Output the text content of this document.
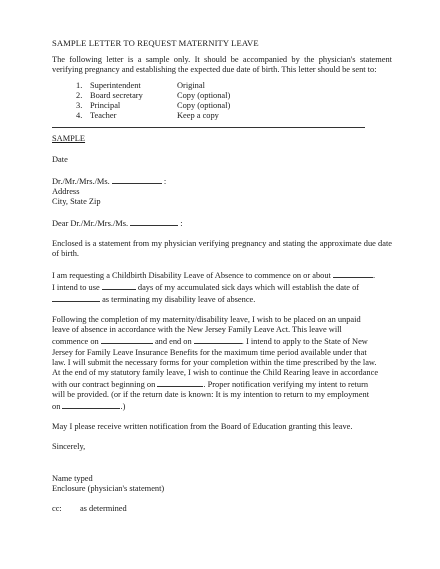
SAMPLE LETTER TO REQUEST MATERNITY LEAVE

The following letter is a sample only. It should be accompanied by the physician's statement verifying pregnancy and establishing the expected due date of birth. This letter should be sent to:

1. Superintendent	Original
2. Board secretary	Copy (optional)
3. Principal	Copy (optional)
4. Teacher	Keep a copy
SAMPLE
Date
Dr./Mr./Mrs./Ms.	:
Address
City, State Zip
Dear Dr./Mr./Mrs./Ms.	:

Enclosed is a statement from my physician verifying pregnancy and stating the approximate due date of birth.

I am requesting a Childbirth Disability Leave of Absence to commence on or about	.
I intend to use	days of my accumulated sick days which will establish the date of
as terminating my disability leave of absence.
Following the completion of my maternity/disability leave, I wish to be placed on an unpaid
leave of absence in accordance with the New Jersey Family Leave Act. This leave will
commence on	and end on	. I intend to apply to the State of New
Jersey for Family Leave Insurance Benefits for the maximum time period available under that
law. I will submit the necessary forms for your completion within the time prescribed by the law.
At the end of my statutory family leave, I wish to continue the Child Rearing leave in accordance
with our contract beginning on	. Proper notification verifying my intent to return
will be provided. (or if the return date is known: It is my intention to return to my employment
on	.)

May I please receive written notification from the Board of Education granting this leave.

Sincerely,
Name typed
Enclosure (physician's statement)
cc: as determined
